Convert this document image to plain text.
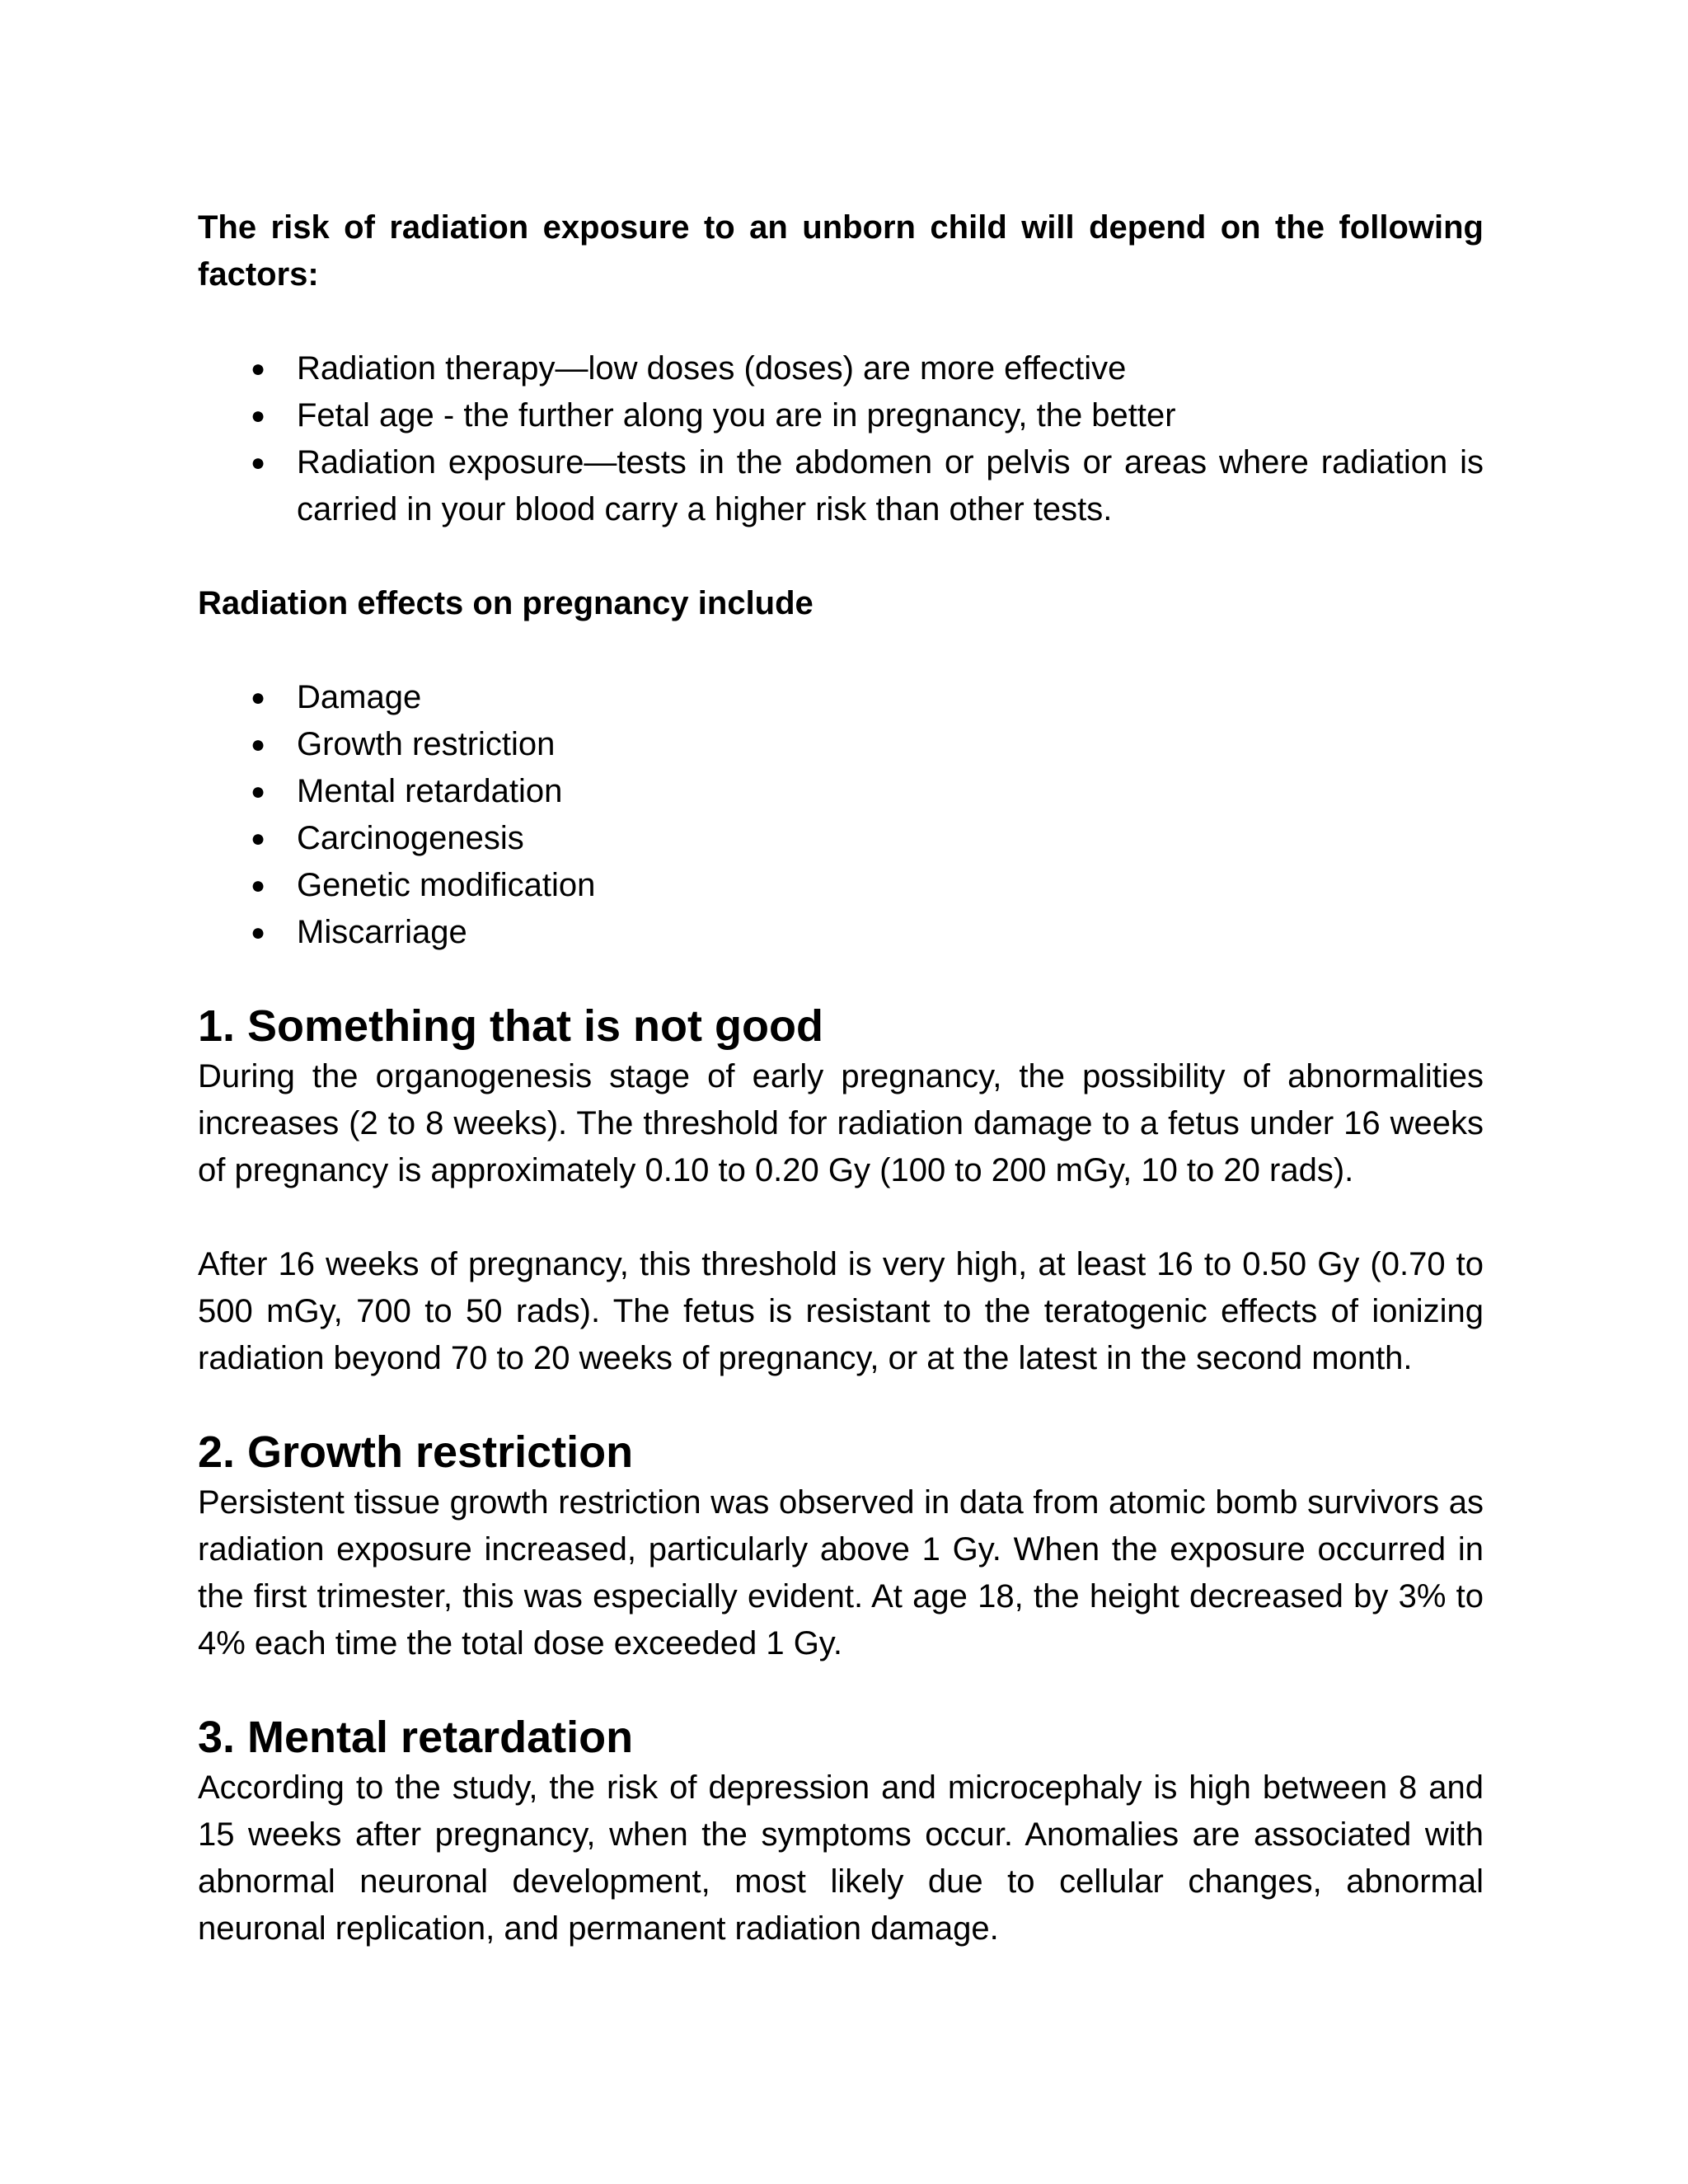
The risk of radiation exposure to an unborn child will depend on the following factors:

● Radiation therapy—low doses (doses) are more effective
● Fetal age - the further along you are in pregnancy, the better
● Radiation exposure—tests in the abdomen or pelvis or areas where radiation is carried in your blood carry a higher risk than other tests.

Radiation effects on pregnancy include

● Damage
● Growth restriction
● Mental retardation
● Carcinogenesis
● Genetic modification
● Miscarriage
1. Something that is not good

During the organogenesis stage of early pregnancy, the possibility of abnormalities increases (2 to 8 weeks). The threshold for radiation damage to a fetus under 16 weeks of pregnancy is approximately 0.10 to 0.20 Gy (100 to 200 mGy, 10 to 20 rads).

After 16 weeks of pregnancy, this threshold is very high, at least 16 to 0.50 Gy (0.70 to 500 mGy, 700 to 50 rads). The fetus is resistant to the teratogenic effects of ionizing radiation beyond 70 to 20 weeks of pregnancy, or at the latest in the second month.

2. Growth restriction

Persistent tissue growth restriction was observed in data from atomic bomb survivors as radiation exposure increased, particularly above 1 Gy. When the exposure occurred in the first trimester, this was especially evident. At age 18, the height decreased by 3% to 4% each time the total dose exceeded 1 Gy.

3. Mental retardation

According to the study, the risk of depression and microcephaly is high between 8 and 15 weeks after pregnancy, when the symptoms occur. Anomalies are associated with abnormal neuronal development, most likely due to cellular changes, abnormal neuronal replication, and permanent radiation damage.
